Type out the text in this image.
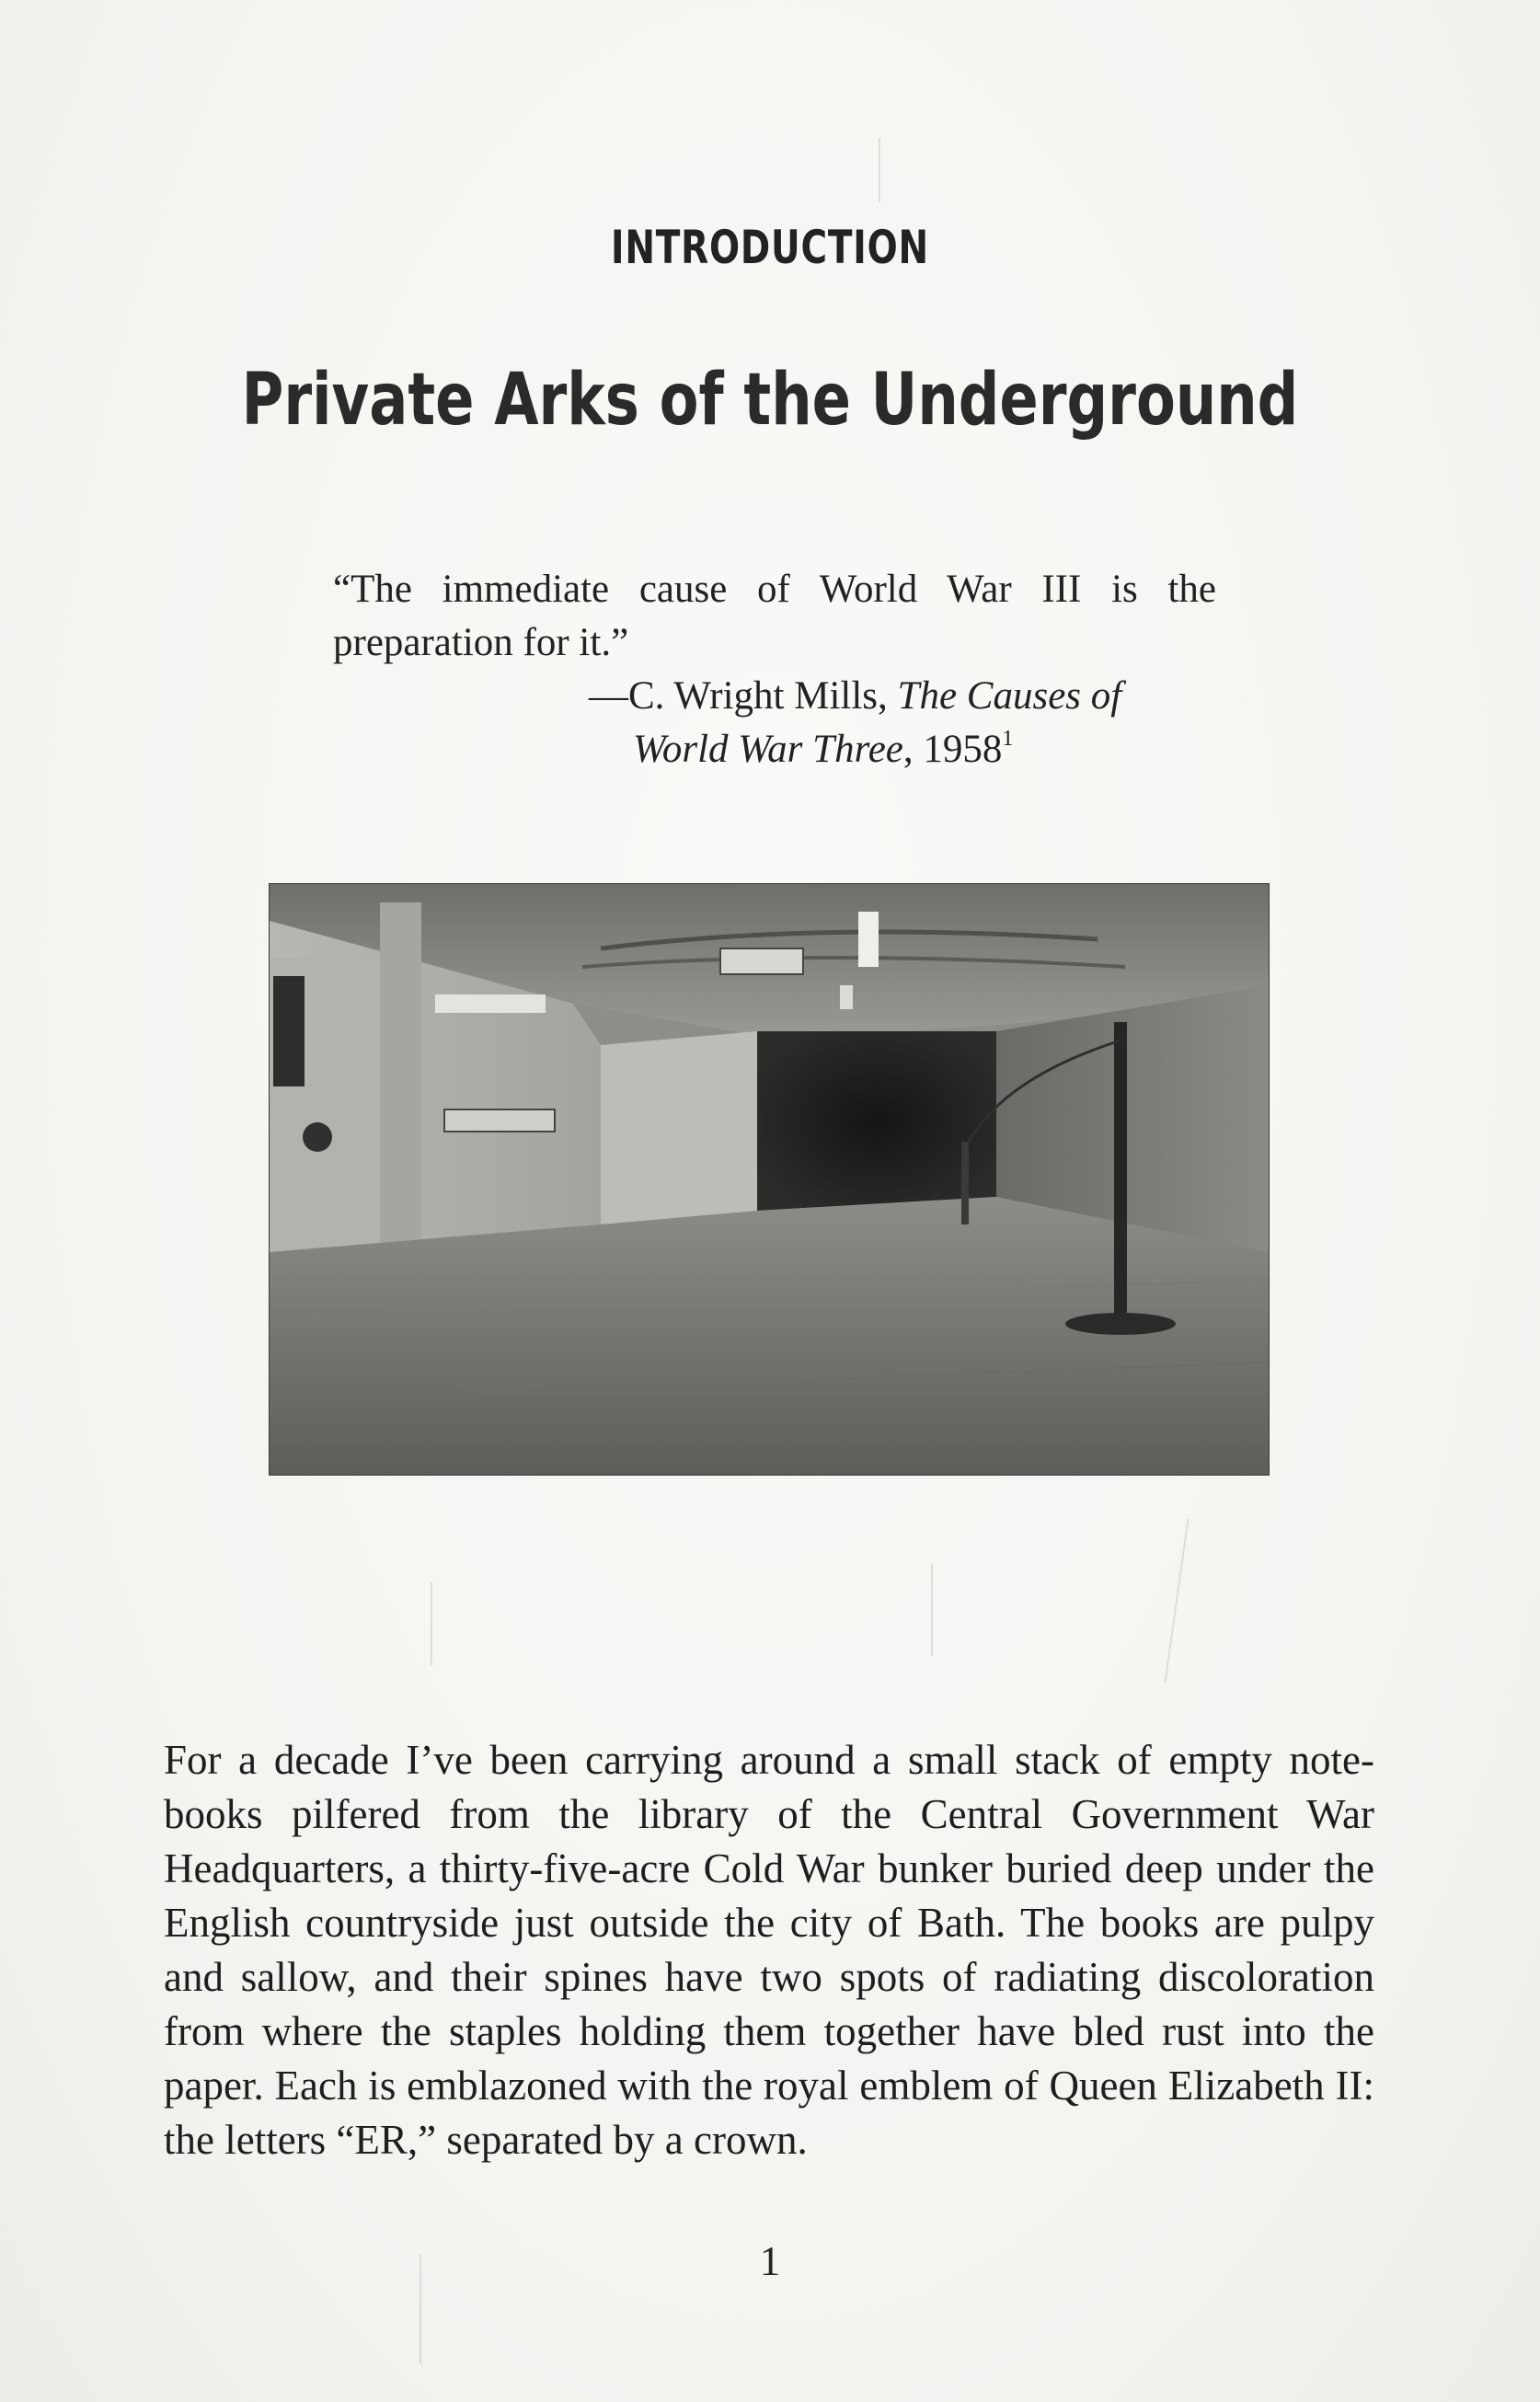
INTRODUCTION
Private Arks of the Underground
“The immediate cause of World War III is the preparation for it.”
—C. Wright Mills, The Causes of
World War Three, 1958$^1$

For a decade I’ve been carrying around a small stack of empty notebooks pilfered from the library of the Central Government War Headquarters, a thirty-five-acre Cold War bunker buried deep under the English countryside just outside the city of Bath. The books are pulpy and sallow, and their spines have two spots of radiating discoloration from where the staples holding them together have bled rust into the paper. Each is emblazoned with the royal emblem of Queen Elizabeth II: the letters “ER,” separated by a crown.

1
